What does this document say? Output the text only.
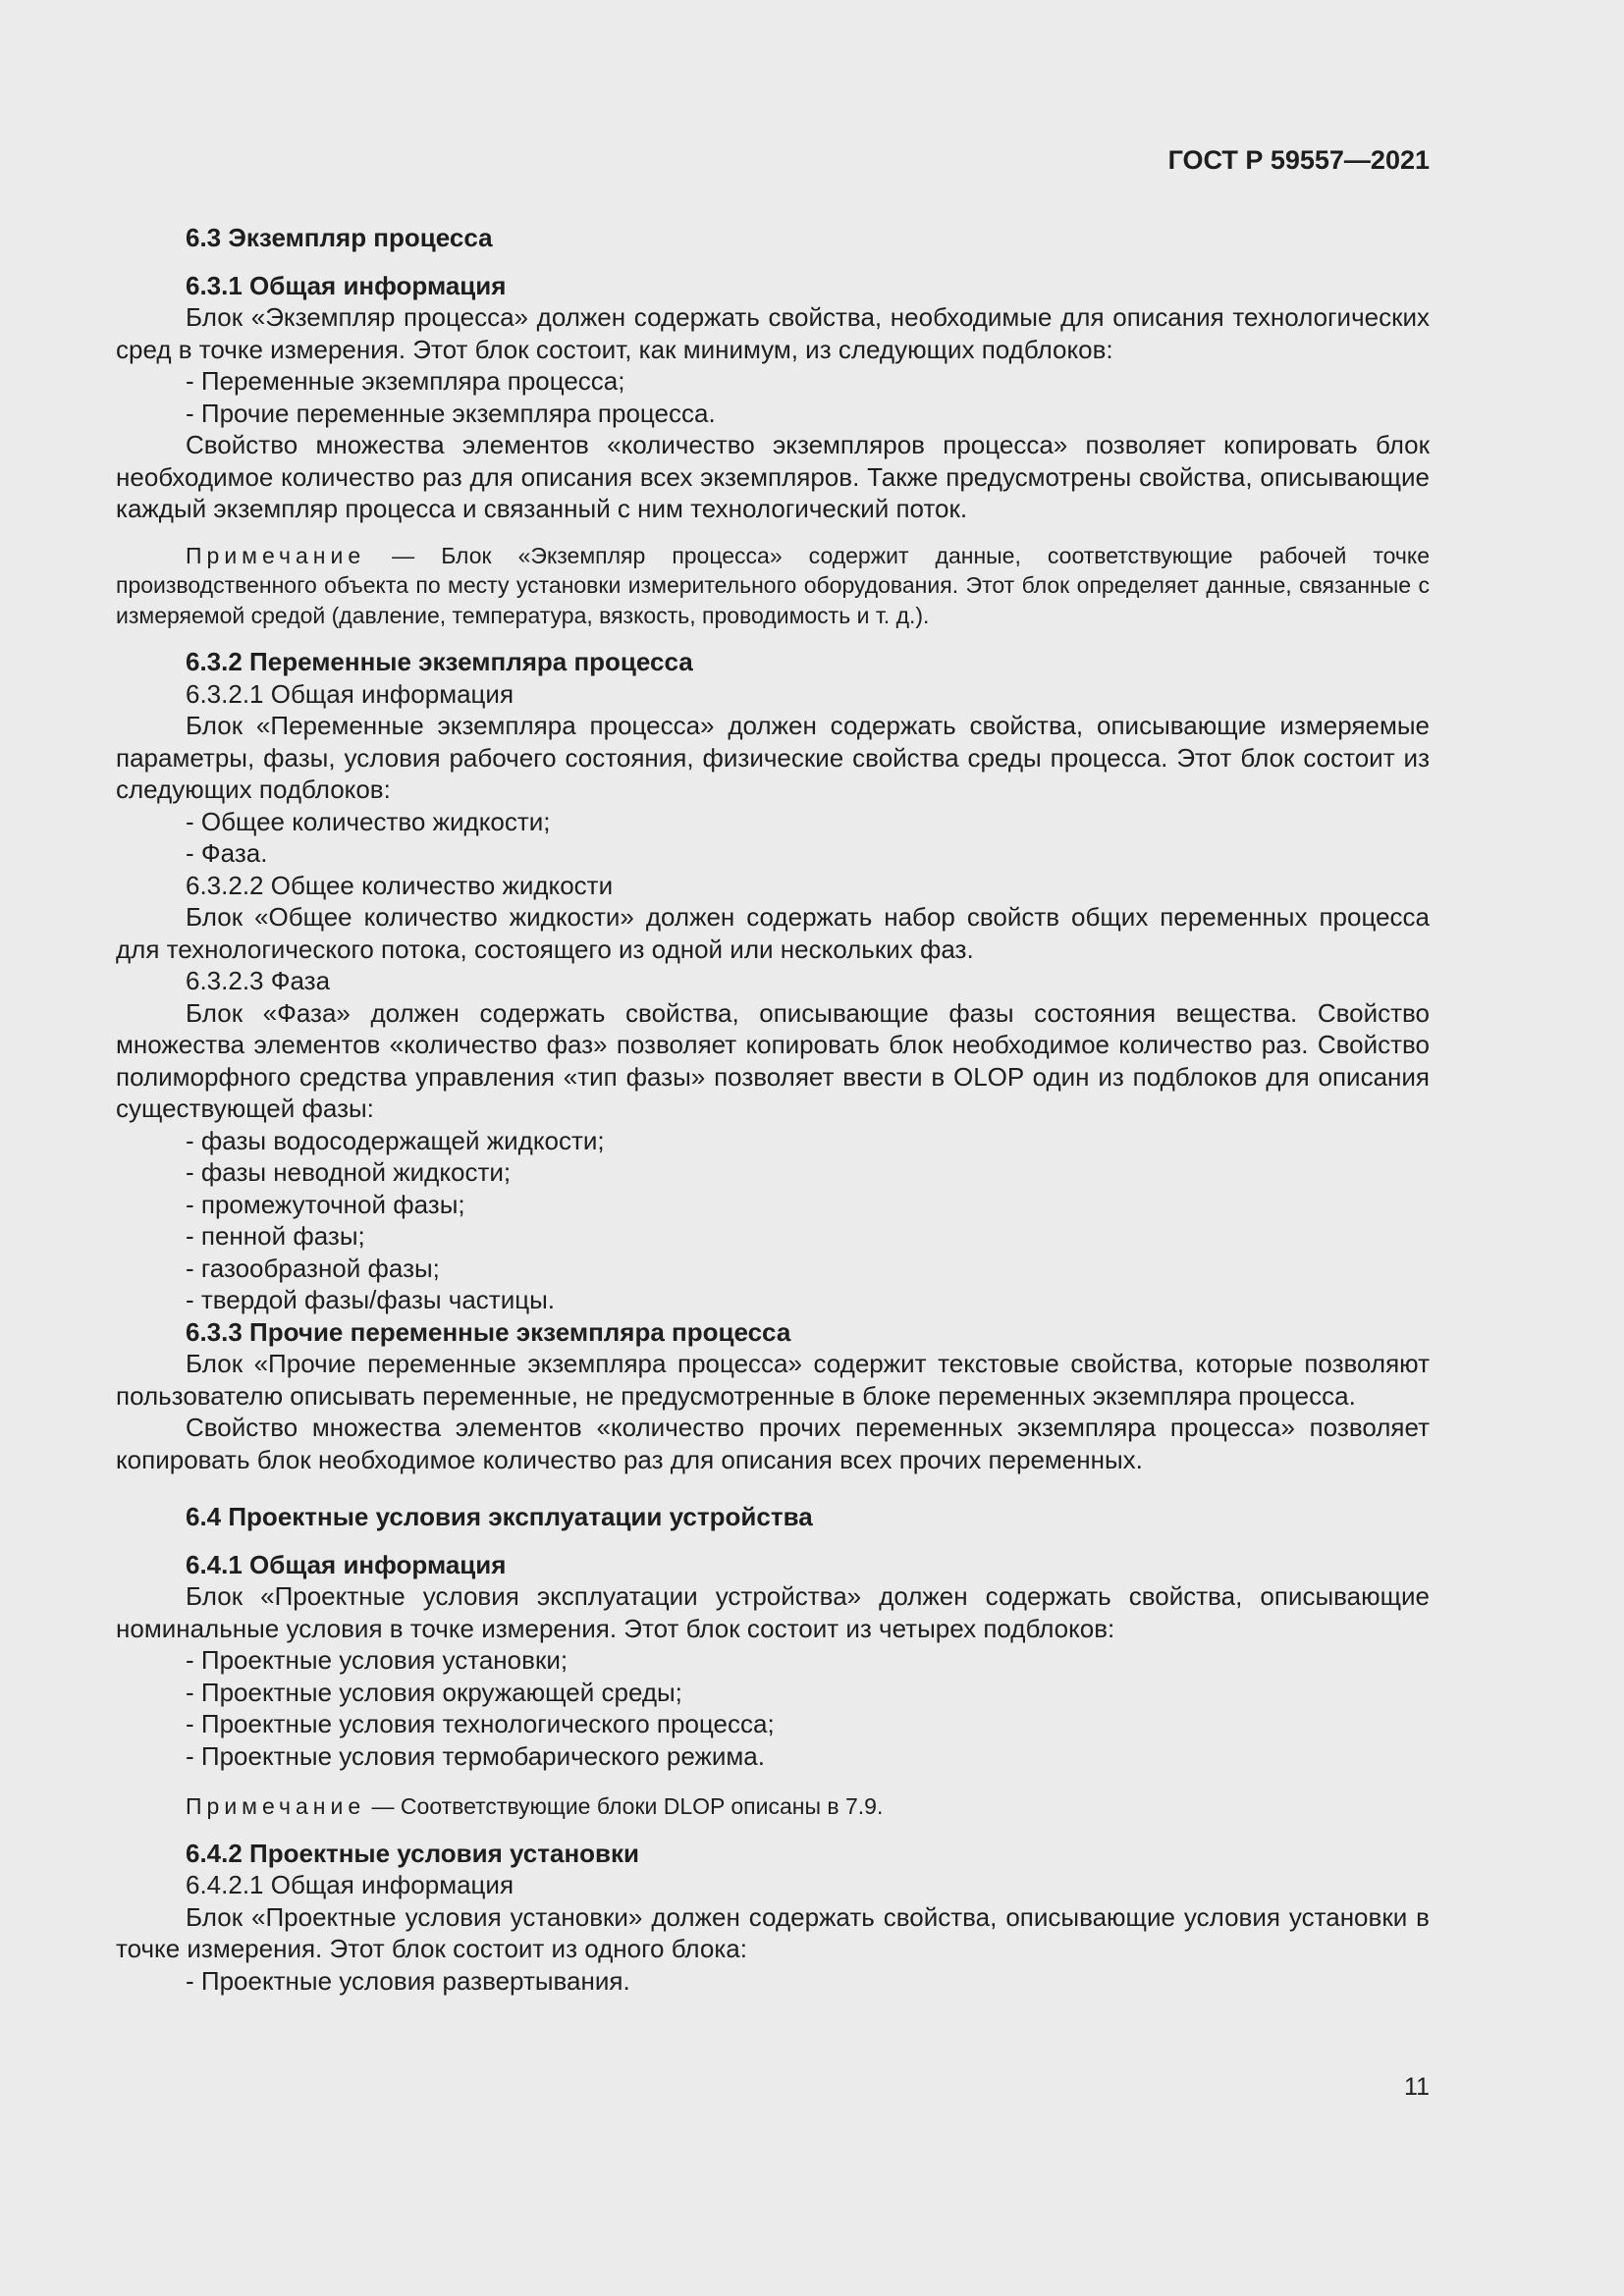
ГОСТ Р 59557—2021

6.3 Экземпляр процесса

6.3.1 Общая информация

Блок «Экземпляр процесса» должен содержать свойства, необходимые для описания технологических сред в точке измерения. Этот блок состоит, как минимум, из следующих подблоков:

- Переменные экземпляра процесса;

- Прочие переменные экземпляра процесса.

Свойство множества элементов «количество экземпляров процесса» позволяет копировать блок необходимое количество раз для описания всех экземпляров. Также предусмотрены свойства, описывающие каждый экземпляр процесса и связанный с ним технологический поток.

Примечание — Блок «Экземпляр процесса» содержит данные, соответствующие рабочей точке производственного объекта по месту установки измерительного оборудования. Этот блок определяет данные, связанные с измеряемой средой (давление, температура, вязкость, проводимость и т. д.).

6.3.2 Переменные экземпляра процесса

6.3.2.1 Общая информация

Блок «Переменные экземпляра процесса» должен содержать свойства, описывающие измеряемые параметры, фазы, условия рабочего состояния, физические свойства среды процесса. Этот блок состоит из следующих подблоков:

- Общее количество жидкости;

- Фаза.

6.3.2.2 Общее количество жидкости

Блок «Общее количество жидкости» должен содержать набор свойств общих переменных процесса для технологического потока, состоящего из одной или нескольких фаз.

6.3.2.3 Фаза

Блок «Фаза» должен содержать свойства, описывающие фазы состояния вещества. Свойство множества элементов «количество фаз» позволяет копировать блок необходимое количество раз. Свойство полиморфного средства управления «тип фазы» позволяет ввести в OLOP один из подблоков для описания существующей фазы:

- фазы водосодержащей жидкости;

- фазы неводной жидкости;

- промежуточной фазы;

- пенной фазы;

- газообразной фазы;

- твердой фазы/фазы частицы.

6.3.3 Прочие переменные экземпляра процесса

Блок «Прочие переменные экземпляра процесса» содержит текстовые свойства, которые позволяют пользователю описывать переменные, не предусмотренные в блоке переменных экземпляра процесса.

Свойство множества элементов «количество прочих переменных экземпляра процесса» позволяет копировать блок необходимое количество раз для описания всех прочих переменных.

6.4 Проектные условия эксплуатации устройства

6.4.1 Общая информация

Блок «Проектные условия эксплуатации устройства» должен содержать свойства, описывающие номинальные условия в точке измерения. Этот блок состоит из четырех подблоков:

- Проектные условия установки;

- Проектные условия окружающей среды;

- Проектные условия технологического процесса;

- Проектные условия термобарического режима.

Примечание — Соответствующие блоки DLOP описаны в 7.9.

6.4.2 Проектные условия установки

6.4.2.1 Общая информация

Блок «Проектные условия установки» должен содержать свойства, описывающие условия установки в точке измерения. Этот блок состоит из одного блока:

- Проектные условия развертывания.

11
